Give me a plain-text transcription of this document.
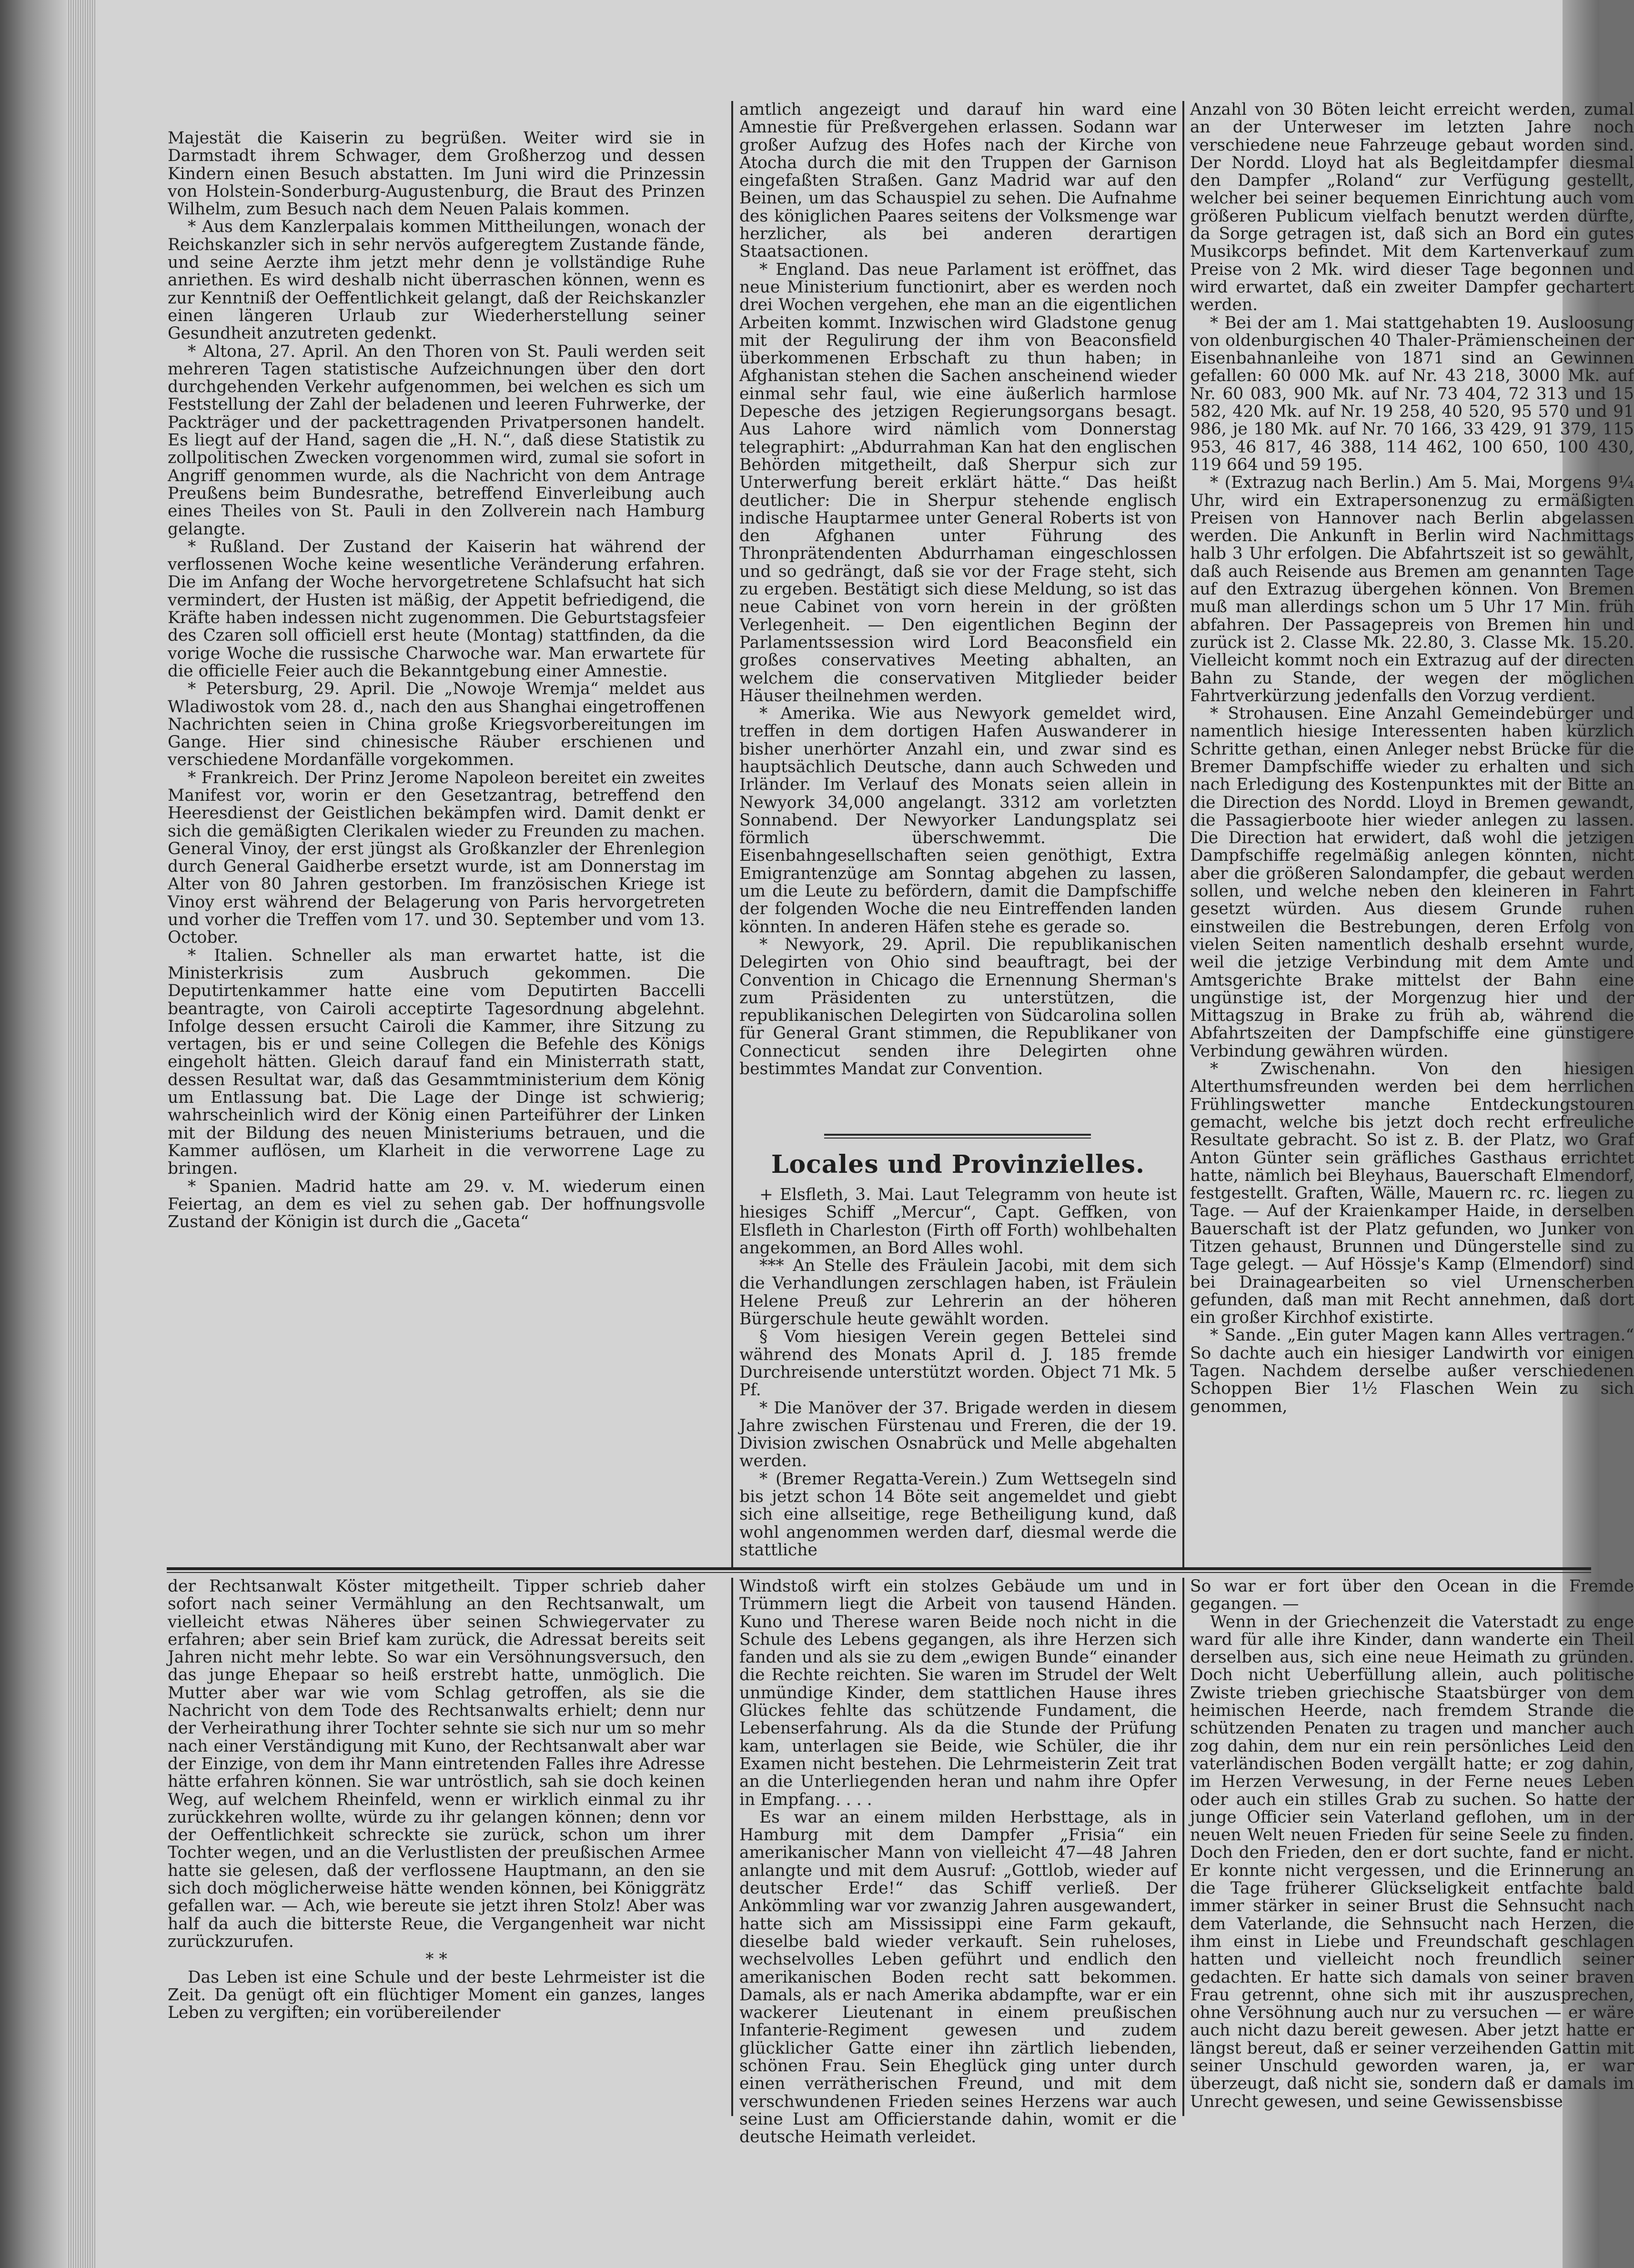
Majestät die Kaiserin zu begrüßen. Weiter wird sie in Darmstadt ihrem Schwager, dem Großherzog und dessen Kindern einen Besuch abstatten. Im Juni wird die Prinzessin von Holstein-Sonderburg-Augustenburg, die Braut des Prinzen Wilhelm, zum Besuch nach dem Neuen Palais kommen.

* Aus dem Kanzlerpalais kommen Mittheilungen, wonach der Reichskanzler sich in sehr nervös aufgeregtem Zustande fände, und seine Aerzte ihm jetzt mehr denn je vollständige Ruhe anriethen. Es wird deshalb nicht überraschen können, wenn es zur Kenntniß der Oeffentlichkeit gelangt, daß der Reichskanzler einen längeren Urlaub zur Wiederherstellung seiner Gesundheit anzutreten gedenkt.

* Altona, 27. April. An den Thoren von St. Pauli werden seit mehreren Tagen statistische Aufzeichnungen über den dort durchgehenden Verkehr aufgenommen, bei welchen es sich um Feststellung der Zahl der beladenen und leeren Fuhrwerke, der Packträger und der packettragenden Privatpersonen handelt. Es liegt auf der Hand, sagen die „H. N.“, daß diese Statistik zu zollpolitischen Zwecken vorgenommen wird, zumal sie sofort in Angriff genommen wurde, als die Nachricht von dem Antrage Preußens beim Bundesrathe, betreffend Einverleibung auch eines Theiles von St. Pauli in den Zollverein nach Hamburg gelangte.

* Rußland. Der Zustand der Kaiserin hat während der verflossenen Woche keine wesentliche Veränderung erfahren. Die im Anfang der Woche hervorgetretene Schlafsucht hat sich vermindert, der Husten ist mäßig, der Appetit befriedigend, die Kräfte haben indessen nicht zugenommen. Die Geburtstagsfeier des Czaren soll officiell erst heute (Montag) stattfinden, da die vorige Woche die russische Charwoche war. Man erwartete für die officielle Feier auch die Bekanntgebung einer Amnestie.

* Petersburg, 29. April. Die „Nowoje Wremja“ meldet aus Wladiwostok vom 28. d., nach den aus Shanghai eingetroffenen Nachrichten seien in China große Kriegsvorbereitungen im Gange. Hier sind chinesische Räuber erschienen und verschiedene Mordanfälle vorgekommen.

* Frankreich. Der Prinz Jerome Napoleon bereitet ein zweites Manifest vor, worin er den Gesetzantrag, betreffend den Heeresdienst der Geistlichen bekämpfen wird. Damit denkt er sich die gemäßigten Clerikalen wieder zu Freunden zu machen. General Vinoy, der erst jüngst als Großkanzler der Ehrenlegion durch General Gaidherbe ersetzt wurde, ist am Donnerstag im Alter von 80 Jahren gestorben. Im französischen Kriege ist Vinoy erst während der Belagerung von Paris hervorgetreten und vorher die Treffen vom 17. und 30. September und vom 13. October.

* Italien. Schneller als man erwartet hatte, ist die Ministerkrisis zum Ausbruch gekommen. Die Deputirtenkammer hatte eine vom Deputirten Baccelli beantragte, von Cairoli acceptirte Tagesordnung abgelehnt. Infolge dessen ersucht Cairoli die Kammer, ihre Sitzung zu vertagen, bis er und seine Collegen die Befehle des Königs eingeholt hätten. Gleich darauf fand ein Ministerrath statt, dessen Resultat war, daß das Gesammtministerium dem König um Entlassung bat. Die Lage der Dinge ist schwierig; wahrscheinlich wird der König einen Parteiführer der Linken mit der Bildung des neuen Ministeriums betrauen, und die Kammer auflösen, um Klarheit in die verworrene Lage zu bringen.

* Spanien. Madrid hatte am 29. v. M. wiederum einen Feiertag, an dem es viel zu sehen gab. Der hoffnungsvolle Zustand der Königin ist durch die „Gaceta“

amtlich angezeigt und darauf hin ward eine Amnestie für Preßvergehen erlassen. Sodann war großer Aufzug des Hofes nach der Kirche von Atocha durch die mit den Truppen der Garnison eingefaßten Straßen. Ganz Madrid war auf den Beinen, um das Schauspiel zu sehen. Die Aufnahme des königlichen Paares seitens der Volksmenge war herzlicher, als bei anderen derartigen Staatsactionen.

* England. Das neue Parlament ist eröffnet, das neue Ministerium functionirt, aber es werden noch drei Wochen vergehen, ehe man an die eigentlichen Arbeiten kommt. Inzwischen wird Gladstone genug mit der Regulirung der ihm von Beaconsfield überkommenen Erbschaft zu thun haben; in Afghanistan stehen die Sachen anscheinend wieder einmal sehr faul, wie eine äußerlich harmlose Depesche des jetzigen Regierungsorgans besagt. Aus Lahore wird nämlich vom Donnerstag telegraphirt: „Abdurrahman Kan hat den englischen Behörden mitgetheilt, daß Sherpur sich zur Unterwerfung bereit erklärt hätte.“ Das heißt deutlicher: Die in Sherpur stehende englisch indische Hauptarmee unter General Roberts ist von den Afghanen unter Führung des Thronprätendenten Abdurrhaman eingeschlossen und so gedrängt, daß sie vor der Frage steht, sich zu ergeben. Bestätigt sich diese Meldung, so ist das neue Cabinet von vorn herein in der größten Verlegenheit. — Den eigentlichen Beginn der Parlamentssession wird Lord Beaconsfield ein großes conservatives Meeting abhalten, an welchem die conservativen Mitglieder beider Häuser theilnehmen werden.

* Amerika. Wie aus Newyork gemeldet wird, treffen in dem dortigen Hafen Auswanderer in bisher unerhörter Anzahl ein, und zwar sind es hauptsächlich Deutsche, dann auch Schweden und Irländer. Im Verlauf des Monats seien allein in Newyork 34,000 angelangt. 3312 am vorletzten Sonnabend. Der Newyorker Landungsplatz sei förmlich überschwemmt. Die Eisenbahngesellschaften seien genöthigt, Extra Emigrantenzüge am Sonntag abgehen zu lassen, um die Leute zu befördern, damit die Dampfschiffe der folgenden Woche die neu Eintreffenden landen könnten. In anderen Häfen stehe es gerade so.

* Newyork, 29. April. Die republikanischen Delegirten von Ohio sind beauftragt, bei der Convention in Chicago die Ernennung Sherman's zum Präsidenten zu unterstützen, die republikanischen Delegirten von Südcarolina sollen für General Grant stimmen, die Republikaner von Connecticut senden ihre Delegirten ohne bestimmtes Mandat zur Convention.

Locales und Provinzielles.

+ Elsfleth, 3. Mai. Laut Telegramm von heute ist hiesiges Schiff „Mercur“, Capt. Geffken, von Elsfleth in Charleston (Firth off Forth) wohlbehalten angekommen, an Bord Alles wohl.

*** An Stelle des Fräulein Jacobi, mit dem sich die Verhandlungen zerschlagen haben, ist Fräulein Helene Preuß zur Lehrerin an der höheren Bürgerschule heute gewählt worden.

§ Vom hiesigen Verein gegen Bettelei sind während des Monats April d. J. 185 fremde Durchreisende unterstützt worden. Object 71 Mk. 5 Pf.

* Die Manöver der 37. Brigade werden in diesem Jahre zwischen Fürstenau und Freren, die der 19. Division zwischen Osnabrück und Melle abgehalten werden.

* (Bremer Regatta-Verein.) Zum Wettsegeln sind bis jetzt schon 14 Böte seit angemeldet und giebt sich eine allseitige, rege Betheiligung kund, daß wohl angenommen werden darf, diesmal werde die stattliche

Anzahl von 30 Böten leicht erreicht werden, zumal an der Unterweser im letzten Jahre noch verschiedene neue Fahrzeuge gebaut worden sind. Der Nordd. Lloyd hat als Begleitdampfer diesmal den Dampfer „Roland“ zur Verfügung gestellt, welcher bei seiner bequemen Einrichtung auch vom größeren Publicum vielfach benutzt werden dürfte, da Sorge getragen ist, daß sich an Bord ein gutes Musikcorps befindet. Mit dem Kartenverkauf zum Preise von 2 Mk. wird dieser Tage begonnen und wird erwartet, daß ein zweiter Dampfer gechartert werden.

* Bei der am 1. Mai stattgehabten 19. Ausloosung von oldenburgischen 40 Thaler-Prämienscheinen der Eisenbahnanleihe von 1871 sind an Gewinnen gefallen: 60 000 Mk. auf Nr. 43 218, 3000 Mk. auf Nr. 60 083, 900 Mk. auf Nr. 73 404, 72 313 und 15 582, 420 Mk. auf Nr. 19 258, 40 520, 95 570 und 91 986, je 180 Mk. auf Nr. 70 166, 33 429, 91 379, 115 953, 46 817, 46 388, 114 462, 100 650, 100 430, 119 664 und 59 195.

* (Extrazug nach Berlin.) Am 5. Mai, Morgens 9¼ Uhr, wird ein Extrapersonenzug zu ermäßigten Preisen von Hannover nach Berlin abgelassen werden. Die Ankunft in Berlin wird Nachmittags halb 3 Uhr erfolgen. Die Abfahrtszeit ist so gewählt, daß auch Reisende aus Bremen am genannten Tage auf den Extrazug übergehen können. Von Bremen muß man allerdings schon um 5 Uhr 17 Min. früh abfahren. Der Passagepreis von Bremen hin und zurück ist 2. Classe Mk. 22.80, 3. Classe Mk. 15.20. Vielleicht kommt noch ein Extrazug auf der directen Bahn zu Stande, der wegen der möglichen Fahrtverkürzung jedenfalls den Vorzug verdient.

* Strohausen. Eine Anzahl Gemeindebürger und namentlich hiesige Interessenten haben kürzlich Schritte gethan, einen Anleger nebst Brücke für die Bremer Dampfschiffe wieder zu erhalten und sich nach Erledigung des Kostenpunktes mit der Bitte an die Direction des Nordd. Lloyd in Bremen gewandt, die Passagierboote hier wieder anlegen zu lassen. Die Direction hat erwidert, daß wohl die jetzigen Dampfschiffe regelmäßig anlegen könnten, nicht aber die größeren Salondampfer, die gebaut werden sollen, und welche neben den kleineren in Fahrt gesetzt würden. Aus diesem Grunde ruhen einstweilen die Bestrebungen, deren Erfolg von vielen Seiten namentlich deshalb ersehnt wurde, weil die jetzige Verbindung mit dem Amte und Amtsgerichte Brake mittelst der Bahn eine ungünstige ist, der Morgenzug hier und der Mittagszug in Brake zu früh ab, während die Abfahrtszeiten der Dampfschiffe eine günstigere Verbindung gewähren würden.

* Zwischenahn. Von den hiesigen Alterthumsfreunden werden bei dem herrlichen Frühlingswetter manche Entdeckungstouren gemacht, welche bis jetzt doch recht erfreuliche Resultate gebracht. So ist z. B. der Platz, wo Graf Anton Günter sein gräfliches Gasthaus errichtet hatte, nämlich bei Bleyhaus, Bauerschaft Elmendorf, festgestellt. Graften, Wälle, Mauern rc. rc. liegen zu Tage. — Auf der Kraienkamper Haide, in derselben Bauerschaft ist der Platz gefunden, wo Junker von Titzen gehaust, Brunnen und Düngerstelle sind zu Tage gelegt. — Auf Hössje's Kamp (Elmendorf) sind bei Drainagearbeiten so viel Urnenscherben gefunden, daß man mit Recht annehmen, daß dort ein großer Kirchhof existirte.

* Sande. „Ein guter Magen kann Alles vertragen.“ So dachte auch ein hiesiger Landwirth vor einigen Tagen. Nachdem derselbe außer verschiedenen Schoppen Bier 1½ Flaschen Wein zu sich genommen,

der Rechtsanwalt Köster mitgetheilt. Tipper schrieb daher sofort nach seiner Vermählung an den Rechtsanwalt, um vielleicht etwas Näheres über seinen Schwiegervater zu erfahren; aber sein Brief kam zurück, die Adressat bereits seit Jahren nicht mehr lebte. So war ein Versöhnungsversuch, den das junge Ehepaar so heiß erstrebt hatte, unmöglich. Die Mutter aber war wie vom Schlag getroffen, als sie die Nachricht von dem Tode des Rechtsanwalts erhielt; denn nur der Verheirathung ihrer Tochter sehnte sie sich nur um so mehr nach einer Verständigung mit Kuno, der Rechtsanwalt aber war der Einzige, von dem ihr Mann eintretenden Falles ihre Adresse hätte erfahren können. Sie war untröstlich, sah sie doch keinen Weg, auf welchem Rheinfeld, wenn er wirklich einmal zu ihr zurückkehren wollte, würde zu ihr gelangen können; denn vor der Oeffentlichkeit schreckte sie zurück, schon um ihrer Tochter wegen, und an die Verlustlisten der preußischen Armee hatte sie gelesen, daß der verflossene Hauptmann, an den sie sich doch möglicherweise hätte wenden können, bei Königgrätz gefallen war. — Ach, wie bereute sie jetzt ihren Stolz! Aber was half da auch die bitterste Reue, die Vergangenheit war nicht zurückzurufen.

* *

Das Leben ist eine Schule und der beste Lehrmeister ist die Zeit. Da genügt oft ein flüchtiger Moment ein ganzes, langes Leben zu vergiften; ein vorübereilender

Windstoß wirft ein stolzes Gebäude um und in Trümmern liegt die Arbeit von tausend Händen. Kuno und Therese waren Beide noch nicht in die Schule des Lebens gegangen, als ihre Herzen sich fanden und als sie zu dem „ewigen Bunde“ einander die Rechte reichten. Sie waren im Strudel der Welt unmündige Kinder, dem stattlichen Hause ihres Glückes fehlte das schützende Fundament, die Lebenserfahrung. Als da die Stunde der Prüfung kam, unterlagen sie Beide, wie Schüler, die ihr Examen nicht bestehen. Die Lehrmeisterin Zeit trat an die Unterliegenden heran und nahm ihre Opfer in Empfang. . . .

Es war an einem milden Herbsttage, als in Hamburg mit dem Dampfer „Frisia“ ein amerikanischer Mann von vielleicht 47—48 Jahren anlangte und mit dem Ausruf: „Gottlob, wieder auf deutscher Erde!“ das Schiff verließ. Der Ankömmling war vor zwanzig Jahren ausgewandert, hatte sich am Mississippi eine Farm gekauft, dieselbe bald wieder verkauft. Sein ruheloses, wechselvolles Leben geführt und endlich den amerikanischen Boden recht satt bekommen. Damals, als er nach Amerika abdampfte, war er ein wackerer Lieutenant in einem preußischen Infanterie-Regiment gewesen und zudem glücklicher Gatte einer ihn zärtlich liebenden, schönen Frau. Sein Eheglück ging unter durch einen verrätherischen Freund, und mit dem verschwundenen Frieden seines Herzens war auch seine Lust am Officierstande dahin, womit er die deutsche Heimath verleidet.

So war er fort über den Ocean in die Fremde gegangen. —

Wenn in der Griechenzeit die Vaterstadt zu enge ward für alle ihre Kinder, dann wanderte ein Theil derselben aus, sich eine neue Heimath zu gründen. Doch nicht Ueberfüllung allein, auch politische Zwiste trieben griechische Staatsbürger von dem heimischen Heerde, nach fremdem Strande die schützenden Penaten zu tragen und mancher auch zog dahin, dem nur ein rein persönliches Leid den vaterländischen Boden vergällt hatte; er zog dahin, im Herzen Verwesung, in der Ferne neues Leben oder auch ein stilles Grab zu suchen. So hatte der junge Officier sein Vaterland geflohen, um in der neuen Welt neuen Frieden für seine Seele zu finden. Doch den Frieden, den er dort suchte, fand er nicht. Er konnte nicht vergessen, und die Erinnerung an die Tage früherer Glückseligkeit entfachte bald immer stärker in seiner Brust die Sehnsucht nach dem Vaterlande, die Sehnsucht nach Herzen, die ihm einst in Liebe und Freundschaft geschlagen hatten und vielleicht noch freundlich seiner gedachten. Er hatte sich damals von seiner braven Frau getrennt, ohne sich mit ihr auszusprechen, ohne Versöhnung auch nur zu versuchen — er wäre auch nicht dazu bereit gewesen. Aber jetzt hatte er längst bereut, daß er seiner verzeihenden Gattin mit seiner Unschuld geworden waren, ja, er war überzeugt, daß nicht sie, sondern daß er damals im Unrecht gewesen, und seine Gewissensbisse
